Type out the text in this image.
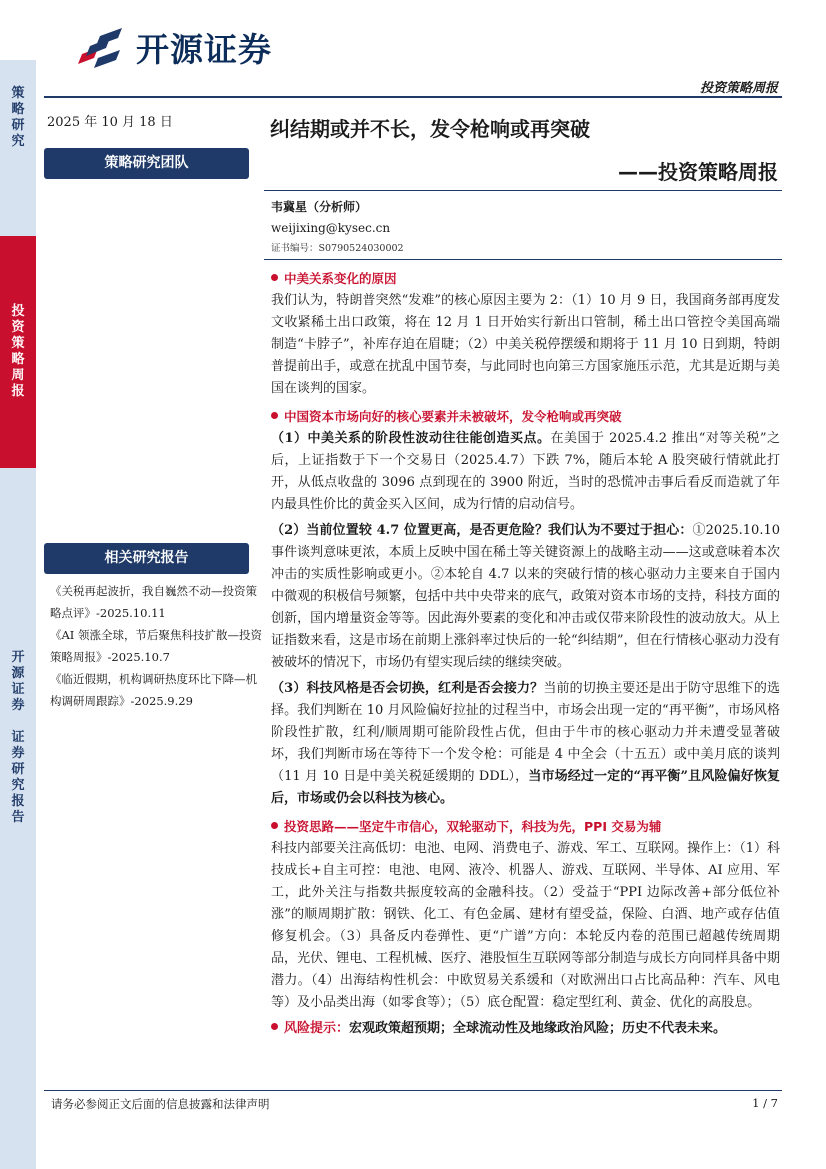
策
略
研
究
投
资
策
略
周
报
开
源
证
券

证
券
研
究
报
告
开源证券
投资策略周报
2025 年 10 月 18 日
策略研究团队
相关研究报告
《关税再起波折，我自巍然不动—投资策略点评》-2025.10.11
《AI 领涨全球，节后聚焦科技扩散—投资策略周报》-2025.10.7
《临近假期，机构调研热度环比下降—机构调研周跟踪》-2025.9.29
纠结期或并不长，发令枪响或再突破
——投资策略周报
韦冀星（分析师）
weijixing@kysec.cn
证书编号：S0790524030002
中美关系变化的原因
我们认为，特朗普突然“发难”的核心原因主要为 2：（1）10 月 9 日，我国商务部再度发文收紧稀土出口政策，将在 12 月 1 日开始实行新出口管制，稀土出口管控令美国高端制造“卡脖子”，补库存迫在眉睫；（2）中美关税停摆缓和期将于 11 月 10 日到期，特朗普提前出手，或意在扰乱中国节奏，与此同时也向第三方国家施压示范，尤其是近期与美国在谈判的国家。
中国资本市场向好的核心要素并未被破坏，发令枪响或再突破
（1）中美关系的阶段性波动往往能创造买点。在美国于 2025.4.2 推出“对等关税”之后，上证指数于下一个交易日（2025.4.7）下跌 7%，随后本轮 A 股突破行情就此打开，从低点收盘的 3096 点到现在的 3900 附近，当时的恐慌冲击事后看反而造就了年内最具性价比的黄金买入区间，成为行情的启动信号。
（2）当前位置较 4.7 位置更高，是否更危险？我们认为不要过于担心：①2025.10.10 事件谈判意味更浓，本质上反映中国在稀土等关键资源上的战略主动——这或意味着本次冲击的实质性影响或更小。②本轮自 4.7 以来的突破行情的核心驱动力主要来自于国内中微观的积极信号频繁，包括中共中央带来的底气，政策对资本市场的支持，科技方面的创新，国内增量资金等等。因此海外要素的变化和冲击或仅带来阶段性的波动放大。从上证指数来看，这是市场在前期上涨斜率过快后的一轮“纠结期”，但在行情核心驱动力没有被破坏的情况下，市场仍有望实现后续的继续突破。
（3）科技风格是否会切换，红利是否会接力？当前的切换主要还是出于防守思维下的选择。我们判断在 10 月风险偏好拉扯的过程当中，市场会出现一定的“再平衡”，市场风格阶段性扩散，红利/顺周期可能阶段性占优，但由于牛市的核心驱动力并未遭受显著破坏，我们判断市场在等待下一个发令枪：可能是 4 中全会（十五五）或中美月底的谈判（11 月 10 日是中美关税延缓期的 DDL），当市场经过一定的“再平衡”且风险偏好恢复后，市场或仍会以科技为核心。
投资思路——坚定牛市信心，双轮驱动下，科技为先，PPI 交易为辅
科技内部要关注高低切：电池、电网、消费电子、游戏、军工、互联网。操作上：（1）科技成长+自主可控：电池、电网、液冷、机器人、游戏、互联网、半导体、AI 应用、军工，此外关注与指数共振度较高的金融科技。（2）受益于“PPI 边际改善+部分低位补涨”的顺周期扩散：钢铁、化工、有色金属、建材有望受益，保险、白酒、地产或存估值修复机会。（3）具备反内卷弹性、更“广谱”方向：本轮反内卷的范围已超越传统周期品，光伏、锂电、工程机械、医疗、港股恒生互联网等部分制造与成长方向同样具备中期潜力。（4）出海结构性机会：中欧贸易关系缓和（对欧洲出口占比高品种：汽车、风电等）及小品类出海（如零食等）；（5）底仓配置：稳定型红利、黄金、优化的高股息。
风险提示：宏观政策超预期；全球流动性及地缘政治风险；历史不代表未来。
请务必参阅正文后面的信息披露和法律声明	1 / 7
